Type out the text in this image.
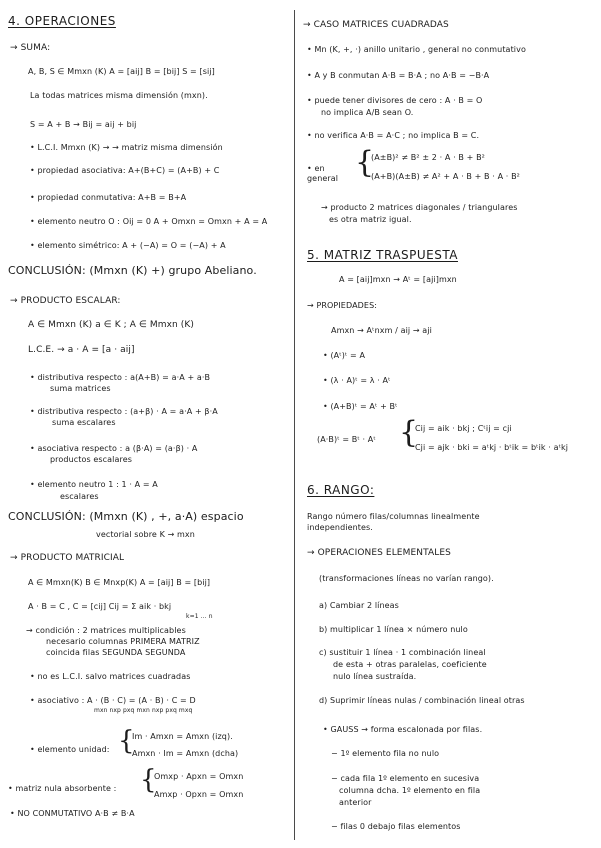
4. OPERACIONES
→ SUMA:
A, B, S ∈ Mmxn (K) A = [aij] B = [bij] S = [sij]
La todas matrices misma dimensión (mxn).
S = A + B → Bij = aij + bij
• L.C.I. Mmxn (K) → → matriz misma dimensión
• propiedad asociativa: A+(B+C) = (A+B) + C
• propiedad conmutativa: A+B = B+A
• elemento neutro O : Oij = 0 A + Omxn = Omxn + A = A
• elemento simétrico: A + (−A) = O = (−A) + A
CONCLUSIÓN: (Mmxn (K) +) grupo Abeliano.
→ PRODUCTO ESCALAR:
A ∈ Mmxn (K) a ∈ K ; A ∈ Mmxn (K)
L.C.E. → a · A = [a · aij]
• distributiva respecto : a(A+B) = a·A + a·B
suma matrices
• distributiva respecto : (a+β) · A = a·A + β·A
suma escalares
• asociativa respecto : a (β·A) = (a·β) · A
productos escalares
• elemento neutro 1 : 1 · A = A
escalares
CONCLUSIÓN: (Mmxn (K) , +, a·A) espacio
vectorial sobre K → mxn
→ PRODUCTO MATRICIAL
A ∈ Mmxn(K) B ∈ Mnxp(K) A = [aij] B = [bij]
A · B = C , C = [cij] Cij = Σ aik · bkj
k=1 … n
→ condición : 2 matrices multiplicables
necesario columnas PRIMERA MATRIZ
coincida filas SEGUNDA SEGUNDA
• no es L.C.I. salvo matrices cuadradas
• asociativo : A · (B · C) = (A · B) · C = D
mxn nxp pxq mxn nxp pxq mxq
• elemento unidad: {
Im · Amxn = Amxn (izq).
Amxn · Im = Amxn (dcha)
• matriz nula absorbente : {
Omxp · Apxn = Omxn
Amxp · Opxn = Omxn
• NO CONMUTATIVO A·B ≠ B·A
→ CASO MATRICES CUADRADAS
• Mn (K, +, ·) anillo unitario , general no conmutativo
• A y B conmutan A·B = B·A ; no A·B = −B·A
• puede tener divisores de cero : A · B = O
no implica A/B sean O.
• no verifica A·B = A·C ; no implica B = C.
• en general {
(A±B)² ≠ B² ± 2 · A · B + B²
(A+B)(A±B) ≠ A² + A · B + B · A · B²
→ producto 2 matrices diagonales / triangulares
es otra matriz igual.
5. MATRIZ TRASPUESTA
A = [aij]mxn → Aᵗ = [aji]mxn
→ PROPIEDADES:
Amxn → Aᵗnxm / aij → aji
• (Aᵗ)ᵗ = A
• (λ · A)ᵗ = λ · Aᵗ
• (A+B)ᵗ = Aᵗ + Bᵗ
(A·B)ᵗ = Bᵗ · Aᵗ {
Cij = aik · bkj ; Cᵗij = cji
Cji = ajk · bki = aᵗkj · bᵗik = bᵗik · aᵗkj
6. RANGO:
Rango número filas/columnas linealmente
independientes.
→ OPERACIONES ELEMENTALES
(transformaciones líneas no varían rango).
a) Cambiar 2 líneas
b) multiplicar 1 línea × número nulo
c) sustituir 1 línea · 1 combinación lineal
de esta + otras paralelas, coeficiente
nulo línea sustraída.
d) Suprimir líneas nulas / combinación lineal otras
• GAUSS → forma escalonada por filas.
− 1º elemento fila no nulo
− cada fila 1º elemento en sucesiva
columna dcha. 1º elemento en fila
anterior
− filas 0 debajo filas elementos
